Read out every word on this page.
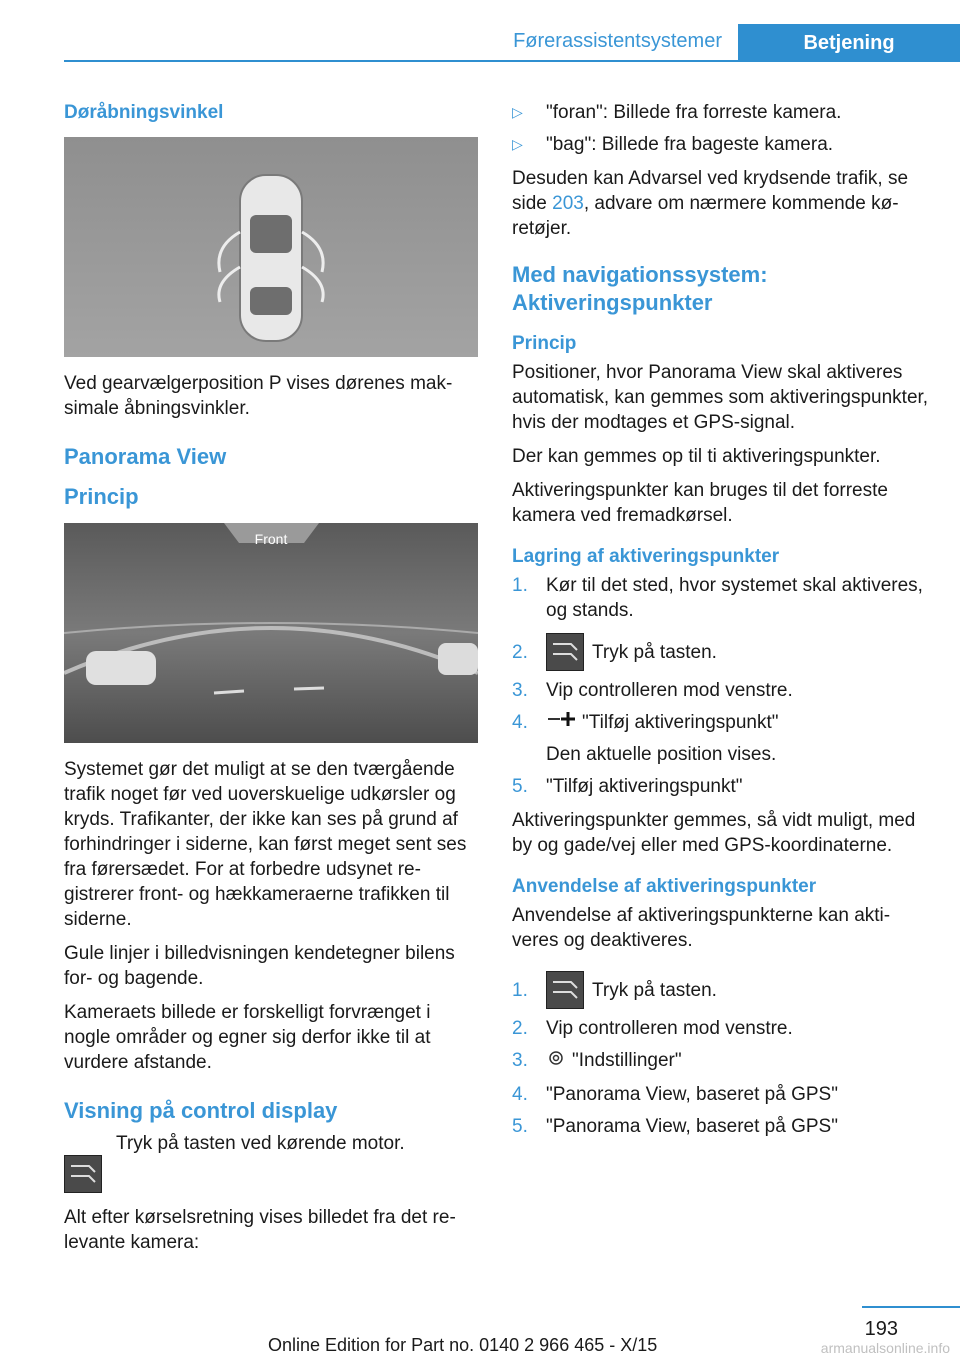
Førerassistentsystemer	Betjening
Døråbningsvinkel

Ved gearvælgerposition P vises dørenes maksimale åbningsvinkler.

Panorama View
Princip
Front

Systemet gør det muligt at se den tværgående trafik noget før ved uoverskuelige udkørsler og kryds. Trafikanter, der ikke kan ses på grund af forhindringer i siderne, kan først meget sent ses fra førersædet. For at forbedre udsynet registrerer front- og hækkameraerne trafikken til siderne.

Gule linjer i billedvisningen kendetegner bilens for- og bagende.

Kameraets billede er forskelligt forvrænget i nogle områder og egner sig derfor ikke til at vurdere afstande.

Visning på control display
Tryk på tasten ved kørende motor.

Alt efter kørselsretning vises billedet fra det relevante kamera:

▷	"foran": Billede fra forreste kamera.
▷	"bag": Billede fra bageste kamera.

Desuden kan Advarsel ved krydsende trafik, se side 203, advare om nærmere kommende køretøjer.

Med navigationssystem: Aktiveringspunkter
Princip

Positioner, hvor Panorama View skal aktiveres automatisk, kan gemmes som aktiveringspunkter, hvis der modtages et GPS-signal.

Der kan gemmes op til ti aktiveringspunkter.

Aktiveringspunkter kan bruges til det forreste kamera ved fremadkørsel.

Lagring af aktiveringspunkter
1. Kør til det sted, hvor systemet skal aktiveres, og stands.
2.	Tryk på tasten.
3. Vip controlleren mod venstre.
4.	"Tilføj aktiveringspunkt"
Den aktuelle position vises.
5. "Tilføj aktiveringspunkt"

Aktiveringspunkter gemmes, så vidt muligt, med by og gade/vej eller med GPS-koordinaterne.

Anvendelse af aktiveringspunkter

Anvendelse af aktiveringspunkterne kan aktiveres og deaktiveres.

1.	Tryk på tasten.
2. Vip controlleren mod venstre.
3.	"Indstillinger"
4. "Panorama View, baseret på GPS"
5. "Panorama View, baseret på GPS"
193
Online Edition for Part no. 0140 2 966 465 - X/15	armanualsonline.info
